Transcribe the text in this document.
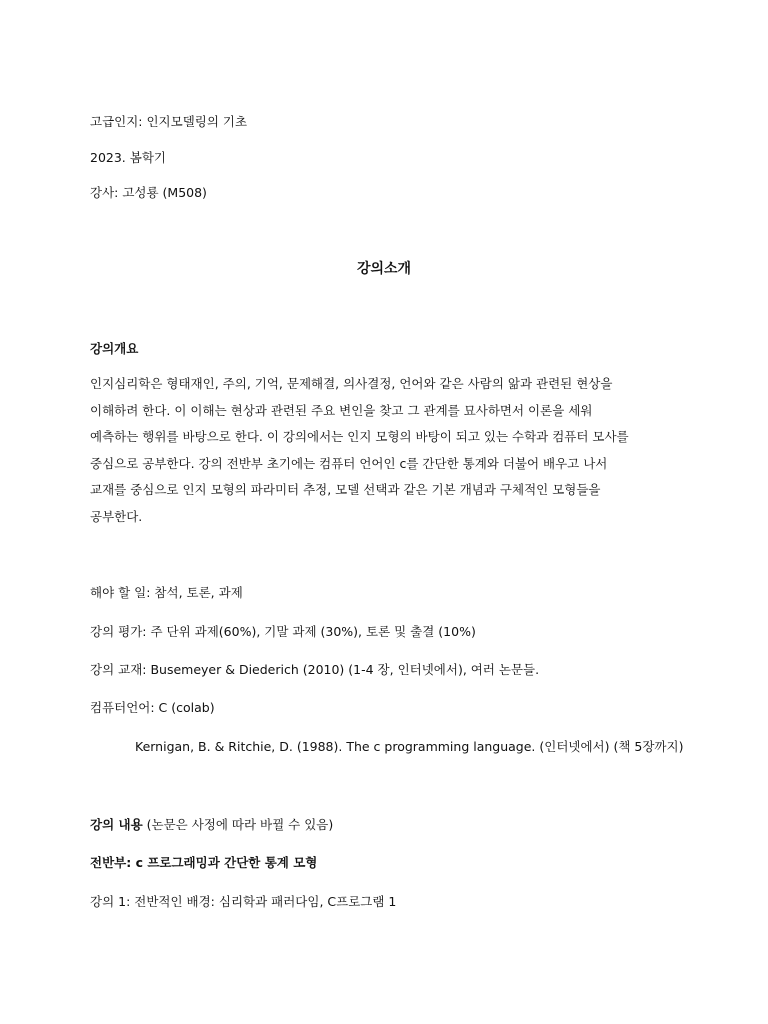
고급인지: 인지모델링의 기초
2023. 봄학기
강사: 고성룡 (M508)
강의소개
강의개요
인지심리학은 형태재인, 주의, 기억, 문제해결, 의사결정, 언어와 같은 사람의 앎과 관련된 현상을
이해하려 한다. 이 이해는 현상과 관련된 주요 변인을 찾고 그 관계를 묘사하면서 이론을 세워
예측하는 행위를 바탕으로 한다. 이 강의에서는 인지 모형의 바탕이 되고 있는 수학과 컴퓨터 모사를
중심으로 공부한다. 강의 전반부 초기에는 컴퓨터 언어인 c를 간단한 통계와 더불어 배우고 나서
교재를 중심으로 인지 모형의 파라미터 추정, 모델 선택과 같은 기본 개념과 구체적인 모형들을
공부한다.
해야 할 일: 참석, 토론, 과제
강의 평가: 주 단위 과제(60%), 기말 과제 (30%), 토론 및 출결 (10%)
강의 교재: Busemeyer & Diederich (2010) (1-4 장, 인터넷에서), 여러 논문들.
컴퓨터언어: C (colab)
Kernigan, B. & Ritchie, D. (1988). The c programming language. (인터넷에서) (책 5장까지)
강의 내용 (논문은 사정에 따라 바뀔 수 있음)
전반부: c 프로그래밍과 간단한 통계 모형
강의 1: 전반적인 배경: 심리학과 패러다임, C프로그램 1
